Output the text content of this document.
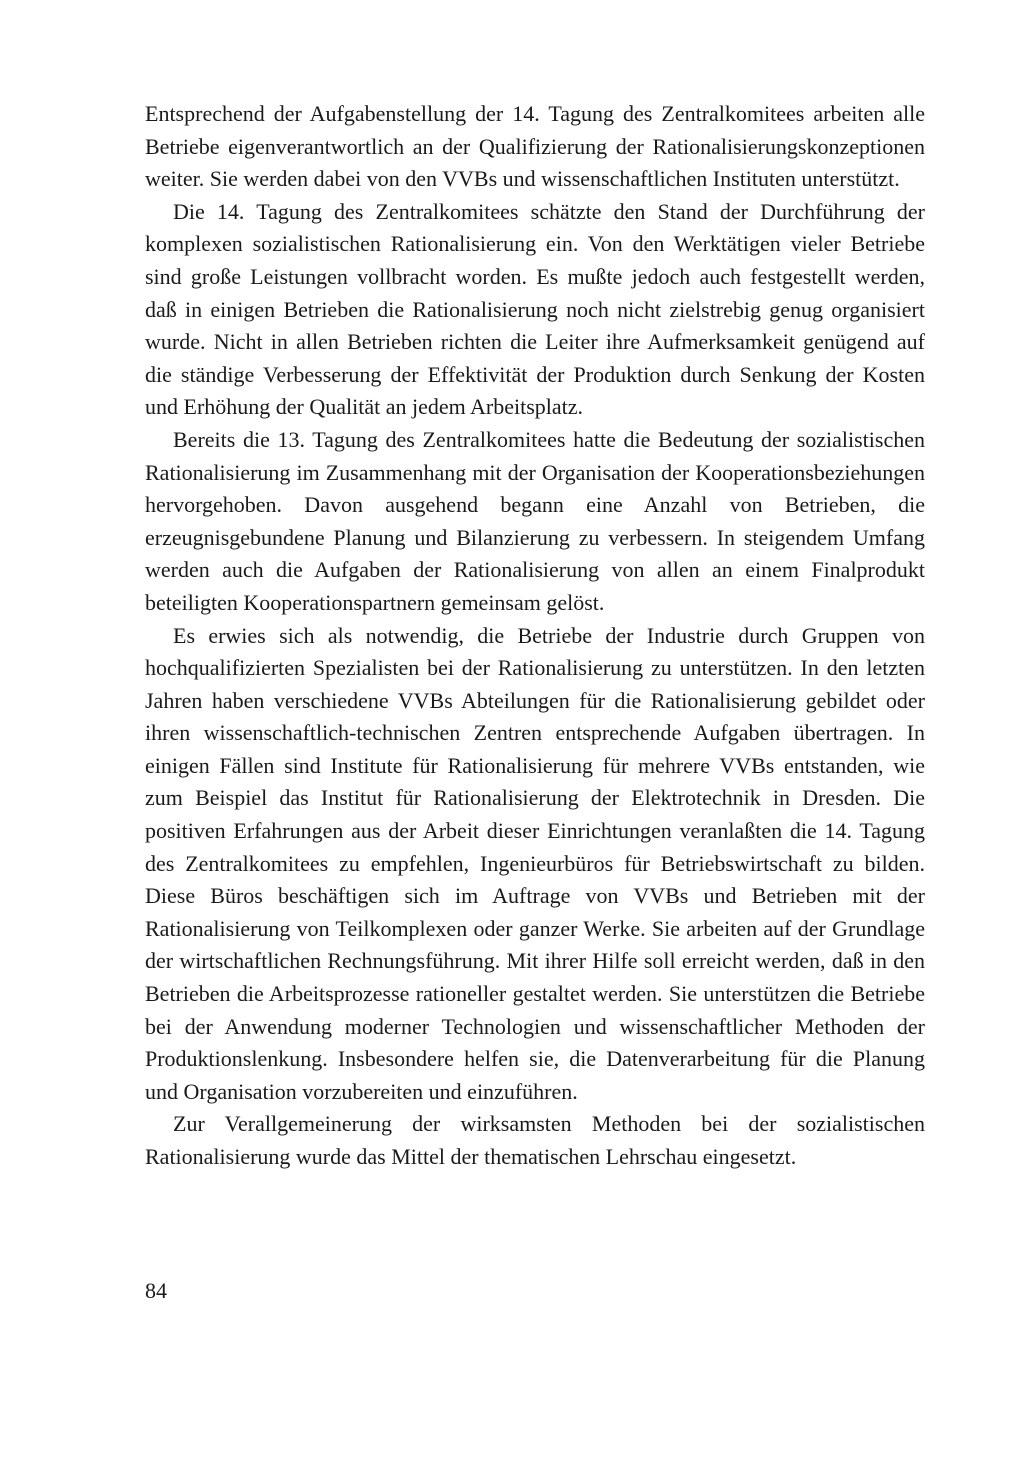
Entsprechend der Aufgabenstellung der 14. Tagung des Zentralkomitees arbeiten alle Betriebe eigenverantwortlich an der Qualifizierung der Rationalisierungskonzeptionen weiter. Sie werden dabei von den VVBs und wissenschaftlichen Instituten unterstützt.

Die 14. Tagung des Zentralkomitees schätzte den Stand der Durchführung der komplexen sozialistischen Rationalisierung ein. Von den Werktätigen vieler Betriebe sind große Leistungen vollbracht worden. Es mußte jedoch auch festgestellt werden, daß in einigen Betrieben die Rationalisierung noch nicht zielstrebig genug organisiert wurde. Nicht in allen Betrieben richten die Leiter ihre Aufmerksamkeit genügend auf die ständige Verbesserung der Effektivität der Produktion durch Senkung der Kosten und Erhöhung der Qualität an jedem Arbeitsplatz.

Bereits die 13. Tagung des Zentralkomitees hatte die Bedeutung der sozialistischen Rationalisierung im Zusammenhang mit der Organisation der Kooperationsbeziehungen hervorgehoben. Davon ausgehend begann eine Anzahl von Betrieben, die erzeugnisgebundene Planung und Bilanzierung zu verbessern. In steigendem Umfang werden auch die Aufgaben der Rationalisierung von allen an einem Finalprodukt beteiligten Kooperationspartnern gemeinsam gelöst.

Es erwies sich als notwendig, die Betriebe der Industrie durch Gruppen von hochqualifizierten Spezialisten bei der Rationalisierung zu unterstützen. In den letzten Jahren haben verschiedene VVBs Abteilungen für die Rationalisierung gebildet oder ihren wissenschaftlich-technischen Zentren entsprechende Aufgaben übertragen. In einigen Fällen sind Institute für Rationalisierung für mehrere VVBs entstanden, wie zum Beispiel das Institut für Rationalisierung der Elektrotechnik in Dresden. Die positiven Erfahrungen aus der Arbeit dieser Einrichtungen veranlaßten die 14. Tagung des Zentralkomitees zu empfehlen, Ingenieurbüros für Betriebswirtschaft zu bilden. Diese Büros beschäftigen sich im Auftrage von VVBs und Betrieben mit der Rationalisierung von Teilkomplexen oder ganzer Werke. Sie arbeiten auf der Grundlage der wirtschaftlichen Rechnungsführung. Mit ihrer Hilfe soll erreicht werden, daß in den Betrieben die Arbeitsprozesse rationeller gestaltet werden. Sie unterstützen die Betriebe bei der Anwendung moderner Technologien und wissenschaftlicher Methoden der Produktionslenkung. Insbesondere helfen sie, die Datenverarbeitung für die Planung und Organisation vorzubereiten und einzuführen.

Zur Verallgemeinerung der wirksamsten Methoden bei der sozialistischen Rationalisierung wurde das Mittel der thematischen Lehrschau eingesetzt.

84
